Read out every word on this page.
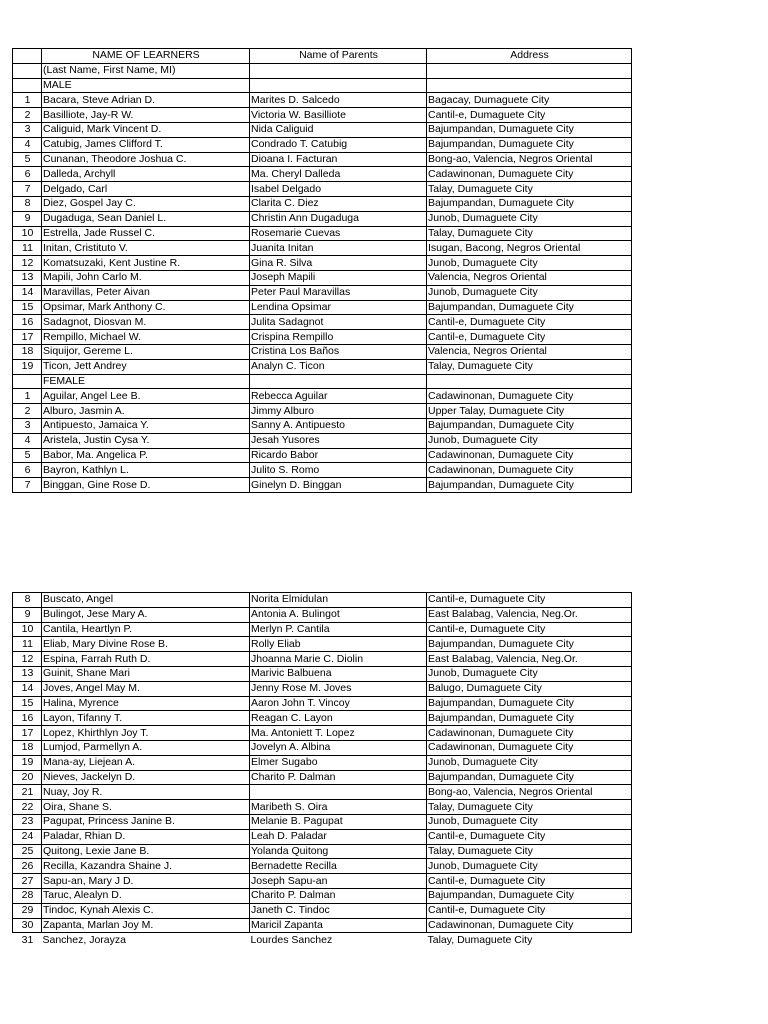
	NAME OF LEARNERS	Name of Parents	Address
	(Last Name, First Name, MI)		
	MALE		
1	Bacara, Steve Adrian D.	Marites D. Salcedo	Bagacay, Dumaguete City
2	Basilliote, Jay-R W.	Victoria W. Basilliote	Cantil-e, Dumaguete City
3	Caliguid, Mark Vincent D.	Nida Caliguid	Bajumpandan, Dumaguete City
4	Catubig, James Clifford T.	Condrado T. Catubig	Bajumpandan, Dumaguete City
5	Cunanan, Theodore Joshua C.	Dioana I. Facturan	Bong-ao, Valencia, Negros Oriental
6	Dalleda, Archyll	Ma. Cheryl Dalleda	Cadawinonan, Dumaguete City
7	Delgado, Carl	Isabel Delgado	Talay, Dumaguete City
8	Diez, Gospel Jay C.	Clarita C. Diez	Bajumpandan, Dumaguete City
9	Dugaduga, Sean Daniel L.	Christin Ann Dugaduga	Junob, Dumaguete City
10	Estrella, Jade Russel C.	Rosemarie Cuevas	Talay, Dumaguete City
11	Initan, Cristituto V.	Juanita Initan	Isugan, Bacong, Negros Oriental
12	Komatsuzaki, Kent Justine R.	Gina R. Silva	Junob, Dumaguete City
13	Mapili, John Carlo M.	Joseph Mapili	Valencia, Negros Oriental
14	Maravillas, Peter Aivan	Peter Paul Maravillas	Junob, Dumaguete City
15	Opsimar, Mark Anthony C.	Lendina Opsimar	Bajumpandan, Dumaguete City
16	Sadagnot, Diosvan M.	Julita Sadagnot	Cantil-e, Dumaguete City
17	Rempillo, Michael W.	Crispina Rempillo	Cantil-e, Dumaguete City
18	Siquijor, Gereme L.	Cristina Los Baños	Valencia, Negros Oriental
19	Ticon, Jett Andrey	Analyn C. Ticon	Talay, Dumaguete City
	FEMALE		
1	Aguilar, Angel Lee B.	Rebecca Aguilar	Cadawinonan, Dumaguete City
2	Alburo, Jasmin A.	Jimmy Alburo	Upper Talay, Dumaguete City
3	Antipuesto, Jamaica Y.	Sanny A. Antipuesto	Bajumpandan, Dumaguete City
4	Aristela, Justin Cysa Y.	Jesah Yusores	Junob, Dumaguete City
5	Babor, Ma. Angelica P.	Ricardo Babor	Cadawinonan, Dumaguete City
6	Bayron, Kathlyn L.	Julito S. Romo	Cadawinonan, Dumaguete City
7	Binggan, Gine Rose D.	Ginelyn D. Binggan	Bajumpandan, Dumaguete City
8	Buscato, Angel	Norita Elmidulan	Cantil-e, Dumaguete City
9	Bulingot, Jese Mary A.	Antonia A. Bulingot	East Balabag, Valencia, Neg.Or.
10	Cantila, Heartlyn P.	Merlyn P. Cantila	Cantil-e, Dumaguete City
11	Eliab, Mary Divine Rose B.	Rolly Eliab	Bajumpandan, Dumaguete City
12	Espina, Farrah Ruth D.	Jhoanna Marie C. Diolin	East Balabag, Valencia, Neg.Or.
13	Guinit, Shane Mari	Marivic Balbuena	Junob, Dumaguete City
14	Joves, Angel May M.	Jenny Rose M. Joves	Balugo, Dumaguete City
15	Halina, Myrence	Aaron John T. Vincoy	Bajumpandan, Dumaguete City
16	Layon, Tifanny T.	Reagan C. Layon	Bajumpandan, Dumaguete City
17	Lopez, Khirthlyn Joy T.	Ma. Antoniett T. Lopez	Cadawinonan, Dumaguete City
18	Lumjod, Parmellyn A.	Jovelyn A. Albina	Cadawinonan, Dumaguete City
19	Mana-ay, Liejean A.	Elmer Sugabo	Junob, Dumaguete City
20	Nieves, Jackelyn D.	Charito P. Dalman	Bajumpandan, Dumaguete City
21	Nuay, Joy R.		Bong-ao, Valencia, Negros Oriental
22	Oira, Shane S.	Maribeth S. Oira	Talay, Dumaguete City
23	Pagupat, Princess Janine B.	Melanie B. Pagupat	Junob, Dumaguete City
24	Paladar, Rhian D.	Leah D. Paladar	Cantil-e, Dumaguete City
25	Quitong, Lexie Jane B.	Yolanda Quitong	Talay, Dumaguete City
26	Recilla, Kazandra Shaine J.	Bernadette Recilla	Junob, Dumaguete City
27	Sapu-an, Mary J D.	Joseph Sapu-an	Cantil-e, Dumaguete City
28	Taruc, Alealyn D.	Charito P. Dalman	Bajumpandan, Dumaguete City
29	Tindoc, Kynah Alexis C.	Janeth C. Tindoc	Cantil-e, Dumaguete City
30	Zapanta, Marlan Joy M.	Maricil Zapanta	Cadawinonan, Dumaguete City
31	Sanchez, Jorayza	Lourdes Sanchez	Talay, Dumaguete City
